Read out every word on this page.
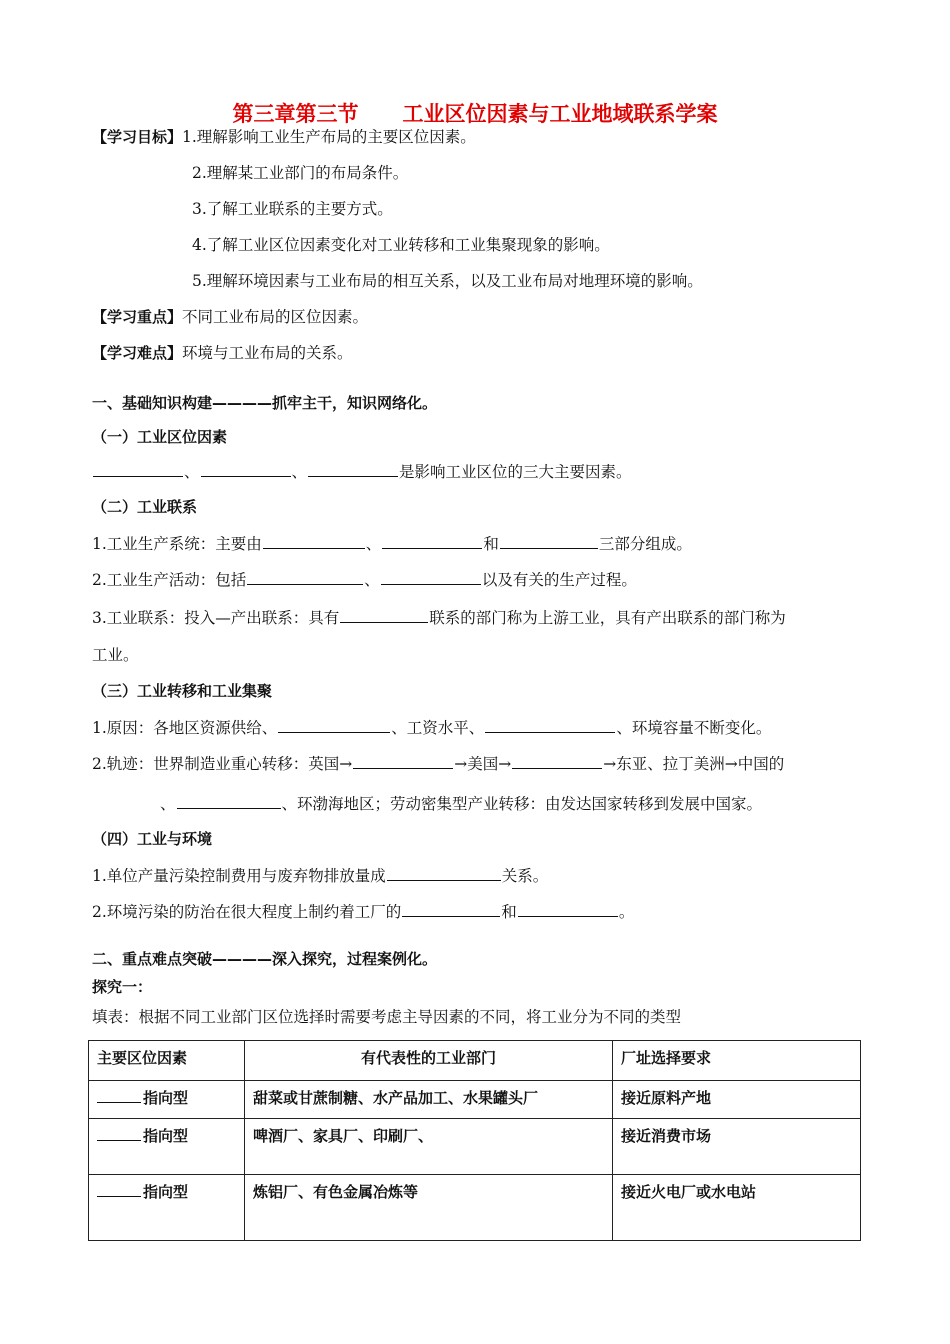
第三章第三节 工业区位因素与工业地域联系学案
【学习目标】1.理解影响工业生产布局的主要区位因素。
2.理解某工业部门的布局条件。
3.了解工业联系的主要方式。
4.了解工业区位因素变化对工业转移和工业集聚现象的影响。
5.理解环境因素与工业布局的相互关系，以及工业布局对地理环境的影响。
【学习重点】不同工业布局的区位因素。
【学习难点】环境与工业布局的关系。
一、基础知识构建————抓牢主干，知识网络化。
（一）工业区位因素
、	、	是影响工业区位的三大主要因素。
（二）工业联系
1.工业生产系统：主要由	、	和	三部分组成。
2.工业生产活动：包括	、	以及有关的生产过程。
3.工业联系：投入—产出联系：具有	联系的部门称为上游工业，具有产出联系的部门称为
工业。
（三）工业转移和工业集聚
1.原因：各地区资源供给、	、工资水平、	、环境容量不断变化。
2.轨迹：世界制造业重心转移：英国→	→美国→	→东亚、拉丁美洲→中国的
、	、环渤海地区；劳动密集型产业转移：由发达国家转移到发展中国家。
（四）工业与环境
1.单位产量污染控制费用与废弃物排放量成	关系。
2.环境污染的防治在很大程度上制约着工厂的	和	。
二、重点难点突破————深入探究，过程案例化。
探究一：
填表：根据不同工业部门区位选择时需要考虑主导因素的不同，将工业分为不同的类型
主要区位因素	有代表性的工业部门	厂址选择要求
指向型	甜菜或甘蔗制糖、水产品加工、水果罐头厂	接近原料产地
指向型	啤酒厂、家具厂、印刷厂、	接近消费市场
指向型	炼铝厂、有色金属冶炼等	接近火电厂或水电站
